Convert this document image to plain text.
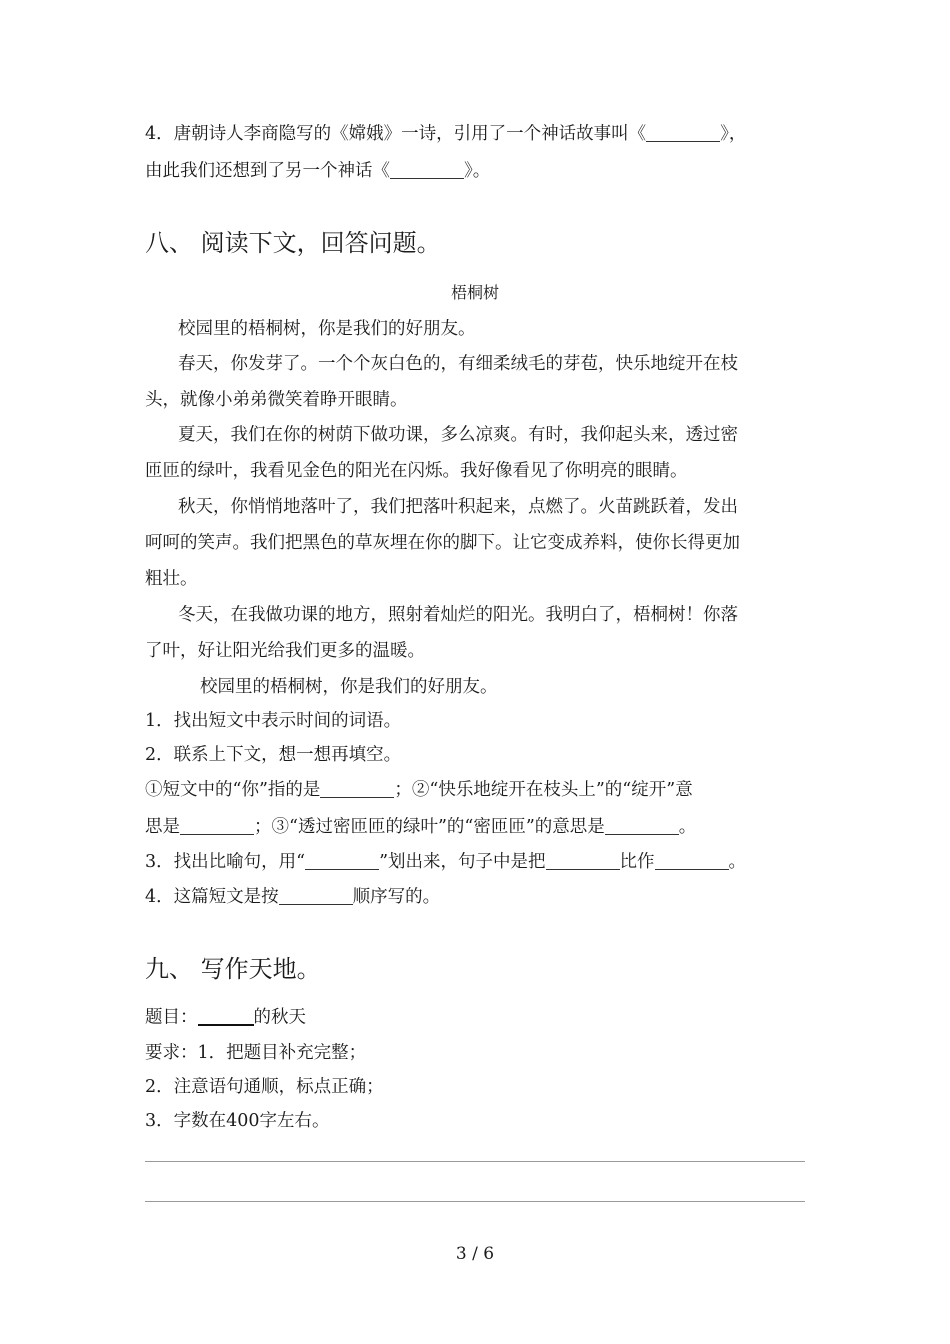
4．唐朝诗人李商隐写的《嫦娥》一诗，引用了一个神话故事叫《	》，
由此我们还想到了另一个神话《	》。
八、 阅读下文，回答问题。
梧桐树
校园里的梧桐树，你是我们的好朋友。
春天，你发芽了。一个个灰白色的，有细柔绒毛的芽苞，快乐地绽开在枝
头，就像小弟弟微笑着睁开眼睛。
夏天，我们在你的树荫下做功课，多么凉爽。有时，我仰起头来，透过密
匝匝的绿叶，我看见金色的阳光在闪烁。我好像看见了你明亮的眼睛。
秋天，你悄悄地落叶了，我们把落叶积起来，点燃了。火苗跳跃着，发出
呵呵的笑声。我们把黑色的草灰埋在你的脚下。让它变成养料，使你长得更加
粗壮。
冬天，在我做功课的地方，照射着灿烂的阳光。我明白了，梧桐树！你落
了叶，好让阳光给我们更多的温暖。
校园里的梧桐树，你是我们的好朋友。
1．找出短文中表示时间的词语。
2．联系上下文，想一想再填空。
①短文中的“你”指的是	；②“快乐地绽开在枝头上”的“绽开”意
思是	；③“透过密匝匝的绿叶”的“密匝匝”的意思是	。
3．找出比喻句，用“	”划出来，句子中是把	比作	。
4．这篇短文是按	顺序写的。
九、 写作天地。
题目：	的秋天
要求：1．把题目补充完整；
2．注意语句通顺，标点正确；
3．字数在400字左右。
3 / 6
